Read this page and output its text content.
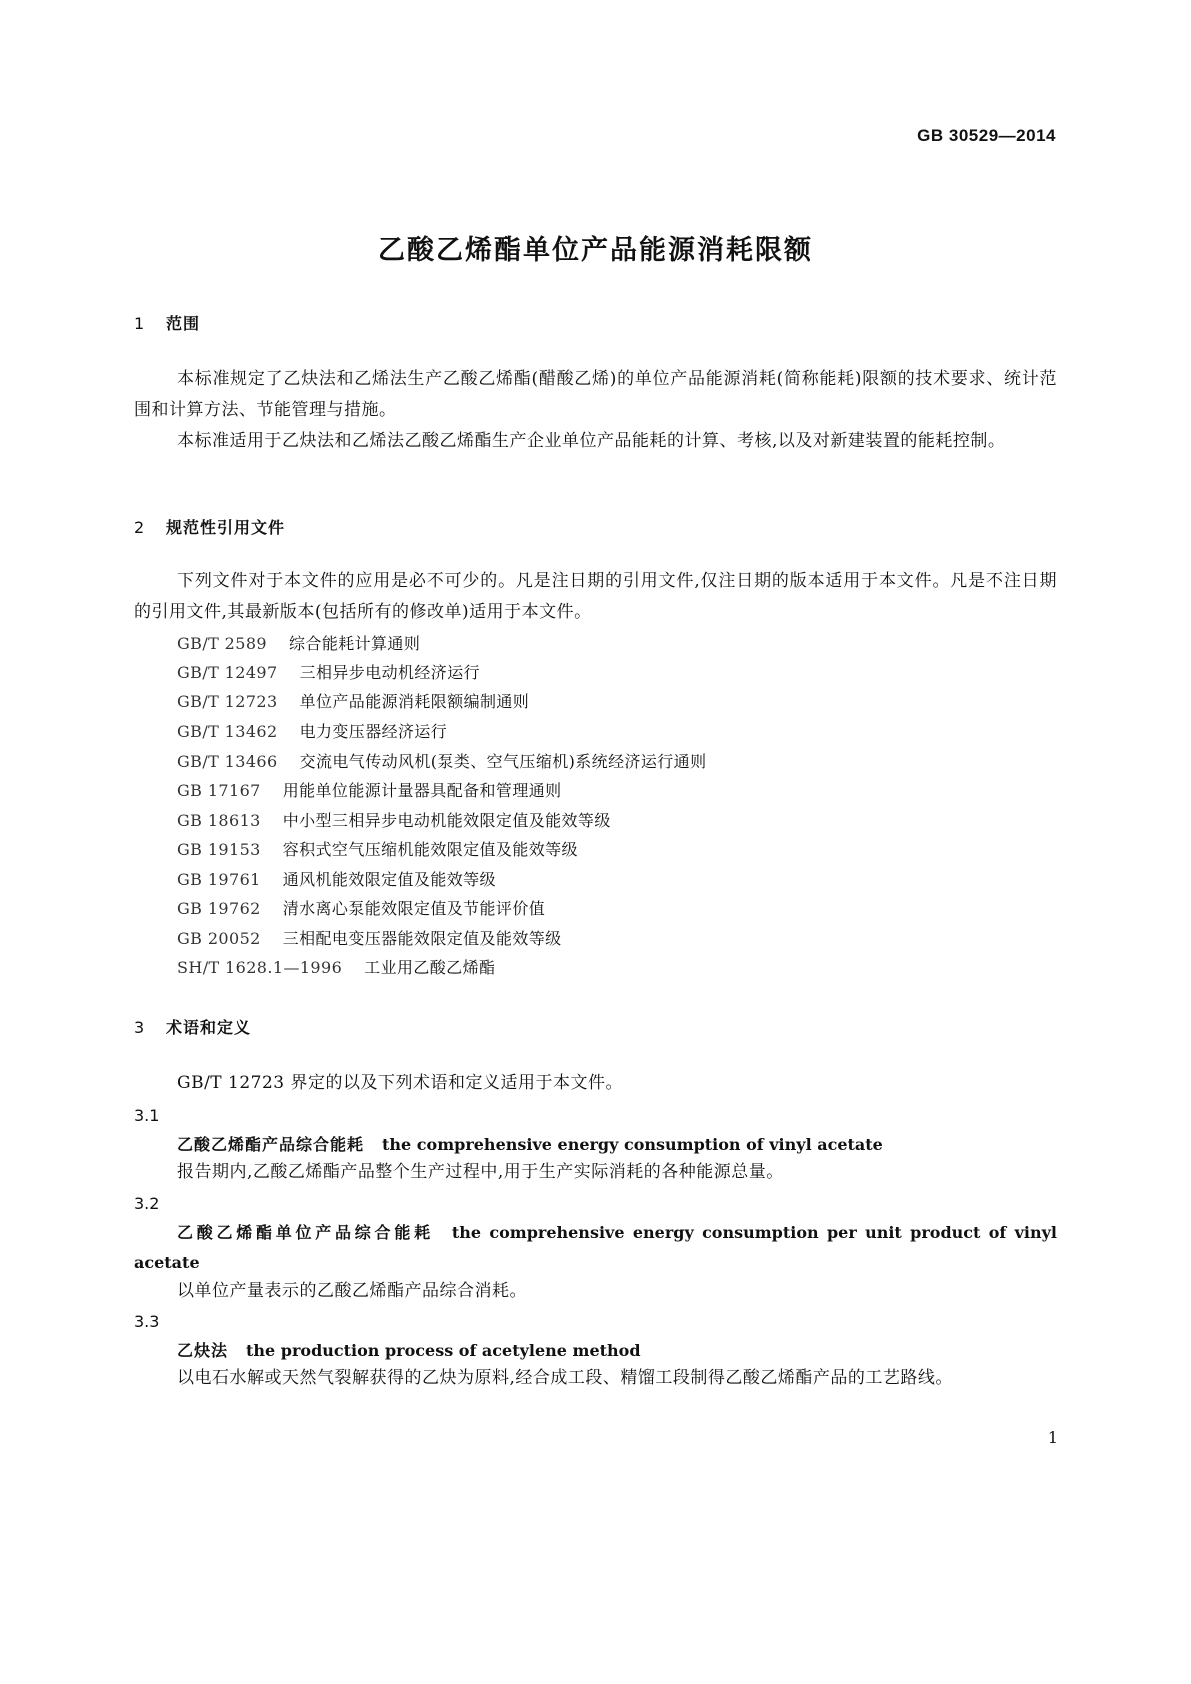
GB 30529—2014
乙酸乙烯酯单位产品能源消耗限额
1 范围
本标准规定了乙炔法和乙烯法生产乙酸乙烯酯(醋酸乙烯)的单位产品能源消耗(简称能耗)限额的技术要求、统计范围和计算方法、节能管理与措施。
本标准适用于乙炔法和乙烯法乙酸乙烯酯生产企业单位产品能耗的计算、考核,以及对新建装置的能耗控制。
2 规范性引用文件
下列文件对于本文件的应用是必不可少的。凡是注日期的引用文件,仅注日期的版本适用于本文件。凡是不注日期的引用文件,其最新版本(包括所有的修改单)适用于本文件。
GB/T 2589 综合能耗计算通则
GB/T 12497 三相异步电动机经济运行
GB/T 12723 单位产品能源消耗限额编制通则
GB/T 13462 电力变压器经济运行
GB/T 13466 交流电气传动风机(泵类、空气压缩机)系统经济运行通则
GB 17167 用能单位能源计量器具配备和管理通则
GB 18613 中小型三相异步电动机能效限定值及能效等级
GB 19153 容积式空气压缩机能效限定值及能效等级
GB 19761 通风机能效限定值及能效等级
GB 19762 清水离心泵能效限定值及节能评价值
GB 20052 三相配电变压器能效限定值及能效等级
SH/T 1628.1—1996 工业用乙酸乙烯酯
3 术语和定义
GB/T 12723 界定的以及下列术语和定义适用于本文件。
3.1
乙酸乙烯酯产品综合能耗 the comprehensive energy consumption of vinyl acetate
报告期内,乙酸乙烯酯产品整个生产过程中,用于生产实际消耗的各种能源总量。
3.2
乙酸乙烯酯单位产品综合能耗 the comprehensive energy consumption per unit product of vinyl acetate
以单位产量表示的乙酸乙烯酯产品综合消耗。
3.3
乙炔法 the production process of acetylene method
以电石水解或天然气裂解获得的乙炔为原料,经合成工段、精馏工段制得乙酸乙烯酯产品的工艺路线。
1
